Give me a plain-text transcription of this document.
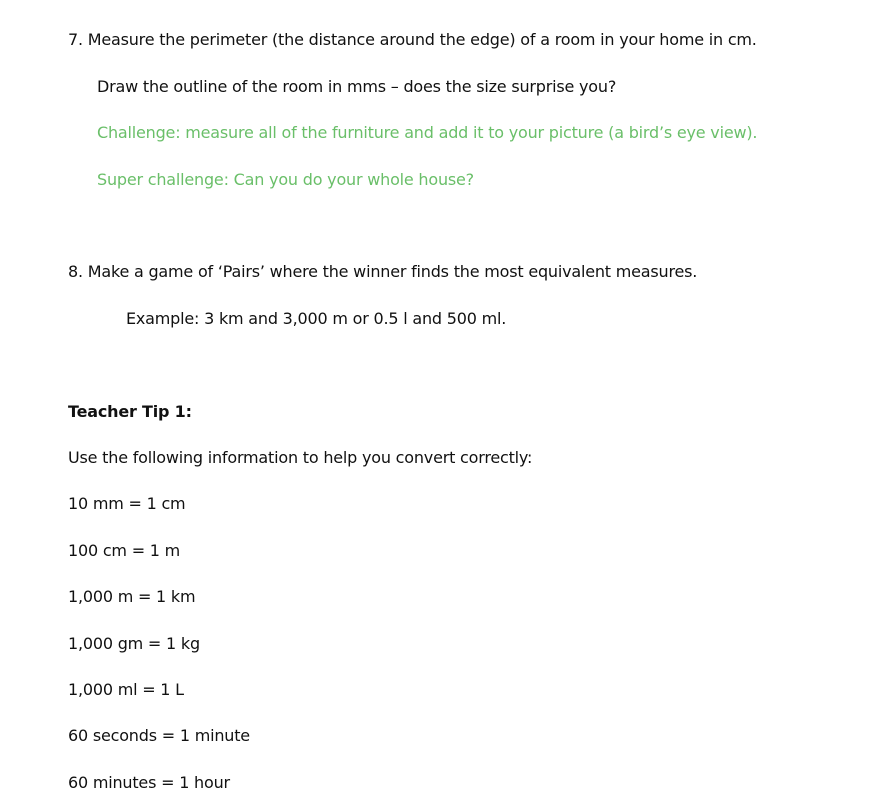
7. Measure the perimeter (the distance around the edge) of a room in your home in cm.

Draw the outline of the room in mms – does the size surprise you?

Challenge: measure all of the furniture and add it to your picture (a bird’s eye view).

Super challenge: Can you do your whole house?

8. Make a game of ‘Pairs’ where the winner finds the most equivalent measures.

Example: 3 km and 3,000 m or 0.5 l and 500 ml.

Teacher Tip 1:

Use the following information to help you convert correctly:

10 mm = 1 cm

100 cm = 1 m

1,000 m = 1 km

1,000 gm = 1 kg

1,000 ml = 1 L

60 seconds = 1 minute

60 minutes = 1 hour
